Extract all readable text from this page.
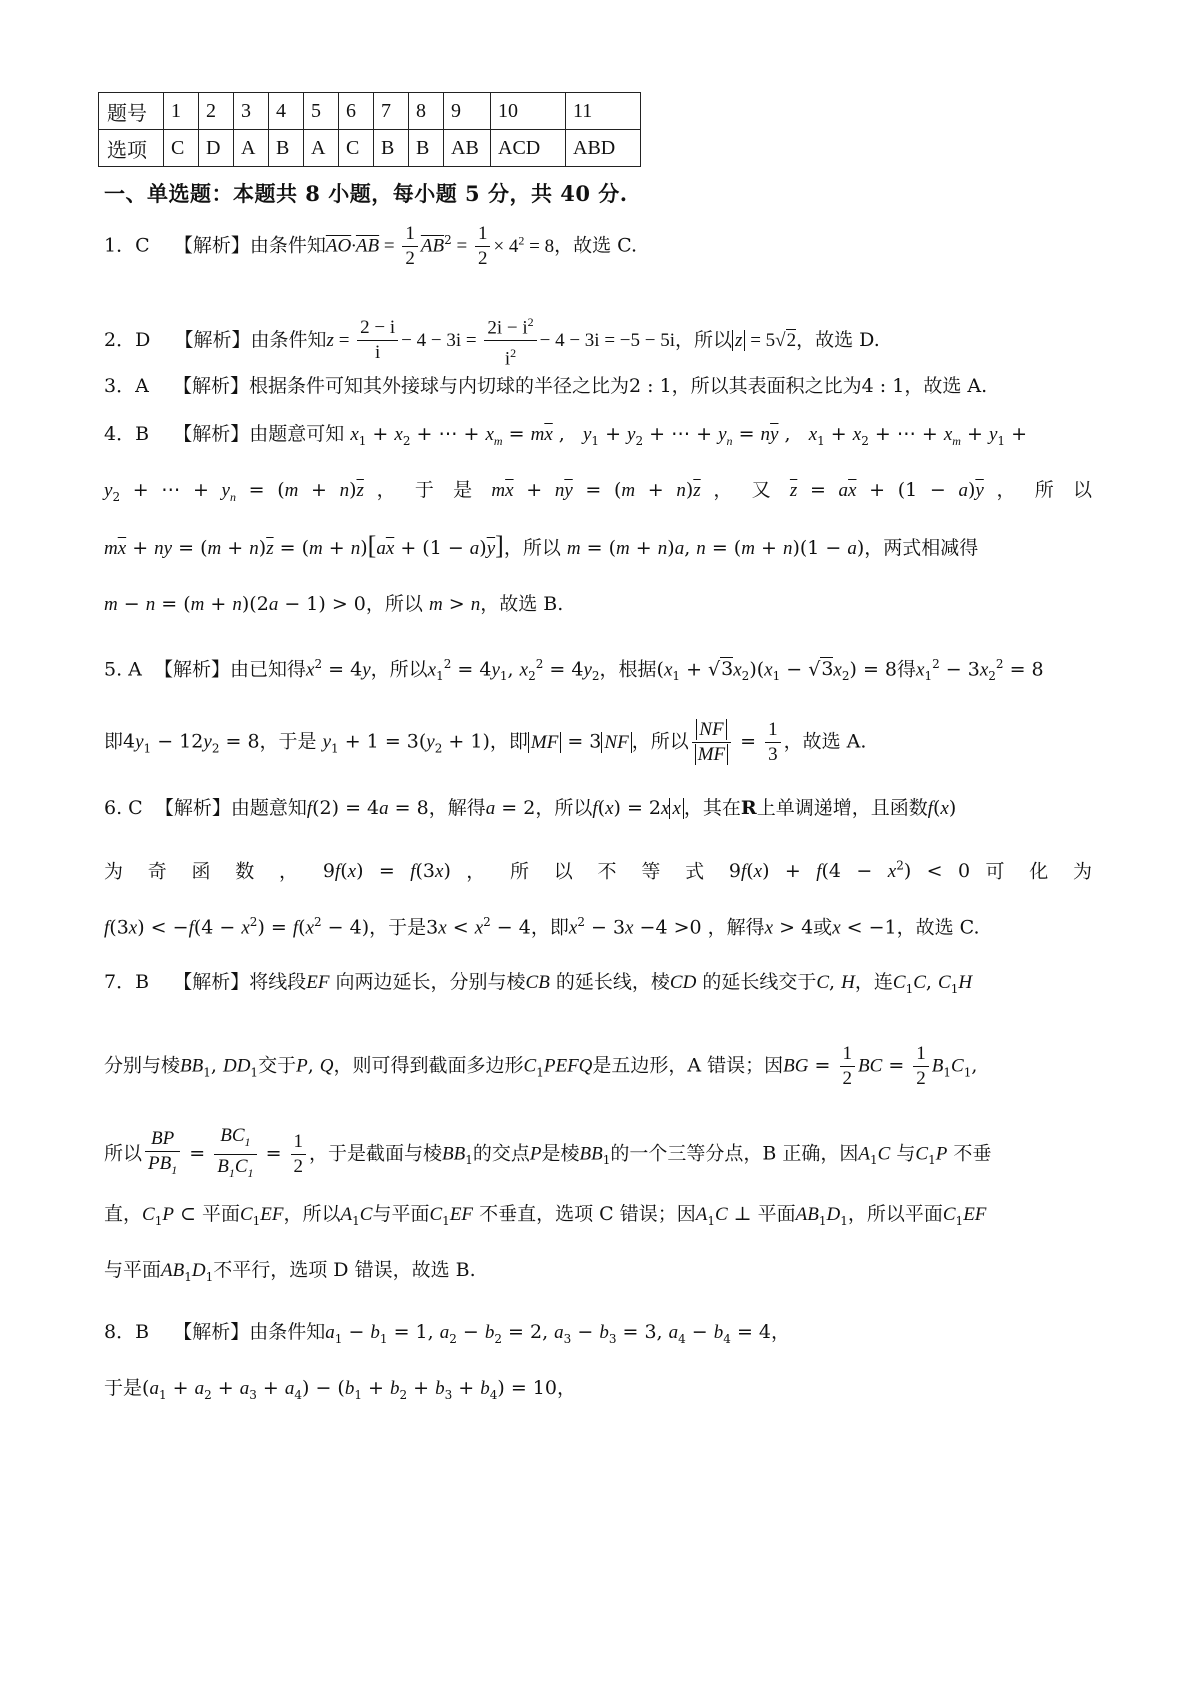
题号	1	2	3	4	5	6	7	8	9	10	11
选项	C	D	A	B	A	C	B	B	AB	ACD	ABD
一、单选题：本题共 8 小题，每小题 5 分，共 40 分.
1．C 【解析】由条件知$\overline{AO}\cdot\overline{AB} = \frac{1}{2} \overline{AB}^2 = \frac{1}{2} \times 4^2 = 8$，故选 C.
2．D 【解析】由条件知$z = \frac{2 - i}{i} - 4 - 3i = \frac{2i - i^2}{i^2} - 4 - 3i = -5 - 5i$，所以 z = 5√2，故选 D.
3．A 【解析】根据条件可知其外接球与内切球的半径之比为2 : 1，所以其表面积之比为4 : 1，故选 A.
4．B 【解析】由题意可知 $x_1 + x_2$ + ⋯ + $x_m = m\overline{x}$ ,   $y_1 + y_2$ + ⋯ + $y_n = n\overline{y}$ ,   $x_1 + x_2$ + ⋯ + $x_m + y_1$ +
$y_2$ + ⋯ + $y_n = (m + n)\overline{z}$ ， 于 是 $m\overline{x} + n\overline{y} = (m + n)\overline{z}$ ， 又 $\overline{z} = a\overline{x} + (1 - a)\overline{y}$ ， 所 以
$m\overline{x}$ + ny = $(m + n)\overline{z} = (m + n)[a\overline{x} + (1 - a)\overline{y}]$，所以 m = (m + n)a, n = (m + n)(1 − a)，两式相减得
m − n = (m + n)(2a − 1) > 0，所以 m > n，故选 B.
5. A 【解析】由已知得$x^2 = 4y$，所以$x_1^2 = 4y_1$, $x_2^2 = 4y_2$，根据$(x_1 + √3x_2)(x_1 - √3x_2) = 8$得$x_1^2 - 3x_2^2 = 8$
即$4y_1 - 12y_2 = 8$，于是 $y_1 + 1 = 3(y_2 + 1)$，即 MF = 3 NF ，所以 $\frac{NF}{MF} = \frac{1}{3}$ ，故选 A.
6. C 【解析】由题意知f(2) = 4a = 8，解得a = 2，所以f(x) = 2x x ，其在R上单调递增，且函数f(x)
为 奇 函 数 ， 9f(x) = f(3x) ， 所 以 不 等 式 $9f(x) + f(4 - x^2) < 0$ 可 化 为
$f(3x) < -f(4 - x^2) = f(x^2 - 4)$，于是$3x < x^2 - 4$，即$x^2 - 3x -4 >0$ ，解得x > 4或x < −1，故选 C.
7．B 【解析】将线段EF 向两边延长，分别与棱CB 的延长线，棱CD 的延长线交于C, H，连$C_1C$, $C_1H$
分别与棱$BB_1$, $DD_1$交于P, Q，则可得到截面多边形$C_1PEFQ$是五边形，A 错误；因BG = $\frac{1}{2}$ BC = $\frac{1}{2} B_1C_1$,
所以 $\frac{BP}{PB_1} = \frac{BC_1}{B_1C_1} = \frac{1}{2}$ ，于是截面与棱$BB_1$的交点P是棱$BB_1$的一个三等分点，B 正确，因$A_1C$ 与$C_1P$ 不垂
直，$C_1P$ ⊂ 平面$C_1EF$，所以$A_1C$与平面$C_1EF$ 不垂直，选项 C 错误；因$A_1C$ ⊥ 平面$AB_1D_1$，所以平面$C_1EF$
与平面$AB_1D_1$不平行，选项 D 错误，故选 B.
8．B 【解析】由条件知$a_1 - b_1 = 1$, $a_2 - b_2 = 2$, $a_3 - b_3 = 3$, $a_4 - b_4 = 4$，
于是$(a_1 + a_2 + a_3 + a_4) - (b_1 + b_2 + b_3 + b_4) = 10$，
